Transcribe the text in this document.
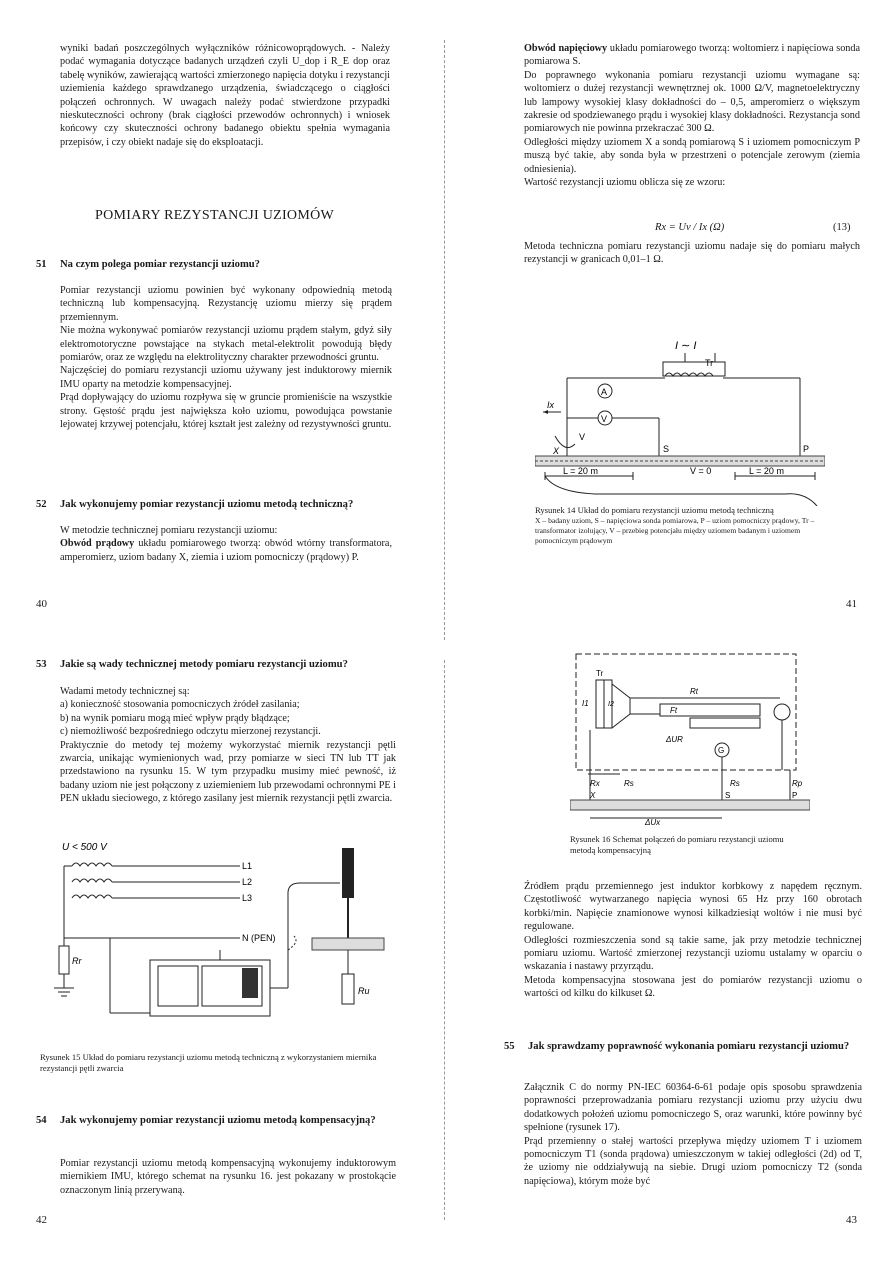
wyniki badań poszczególnych wyłączników różnicowoprądowych. - Należy podać wymagania dotyczące badanych urządzeń czyli U_dop i R_E dop oraz tabelę wyników, zawierającą wartości zmierzonego napięcia dotyku i rezystancji uziemienia każdego sprawdzanego urządzenia, świadczącego o ciągłości połączeń ochronnych. W uwagach należy podać stwierdzone przypadki nieskuteczności ochrony (brak ciągłości przewodów ochronnych) i wniosek końcowy czy skuteczności ochrony badanego obiektu spełnia wymagania przepisów, i czy obiekt nadaje się do eksploatacji.

POMIARY REZYSTANCJI UZIOMÓW
51 Na czym polega pomiar rezystancji uziomu?

Pomiar rezystancji uziomu powinien być wykonany odpowiednią metodą techniczną lub kompensacyjną. Rezystancję uziomu mierzy się prądem przemiennym.

Nie można wykonywać pomiarów rezystancji uziomu prądem stałym, gdyż siły elektromotoryczne powstające na stykach metal-elektrolit powodują błędy pomiarów, oraz ze względu na elektrolityczny charakter przewodności gruntu.

Najczęściej do pomiaru rezystancji uziomu używany jest induktorowy miernik IMU oparty na metodzie kompensacyjnej.

Prąd dopływający do uziomu rozpływa się w gruncie promieniście na wszystkie strony. Gęstość prądu jest największa koło uziomu, powodująca powstanie lejowatej krzywej potencjału, której kształt jest zależny od rezystywności gruntu.

52 Jak wykonujemy pomiar rezystancji uziomu metodą techniczną?

W metodzie technicznej pomiaru rezystancji uziomu:

Obwód prądowy układu pomiarowego tworzą: obwód wtórny transformatora, amperomierz, uziom badany X, ziemia i uziom pomocniczy (prądowy) P.

40

Obwód napięciowy układu pomiarowego tworzą: woltomierz i napięciowa sonda pomiarowa S.

Do poprawnego wykonania pomiaru rezystancji uziomu wymagane są: woltomierz o dużej rezystancji wewnętrznej ok. 1000 Ω/V, magnetoelektryczny lub lampowy wysokiej klasy dokładności do – 0,5, amperomierz o większym zakresie od spodziewanego prądu i wysokiej klasy dokładności. Rezystancja sond pomiarowych nie powinna przekraczać 300 Ω.

Odległości między uziomem X a sondą pomiarową S i uziomem pomocniczym P muszą być takie, aby sonda była w przestrzeni o potencjale zerowym (ziemia odniesienia).

Wartość rezystancji uziomu oblicza się ze wzoru:

Rx = Uv / Ix (Ω)	(13)

Metoda techniczna pomiaru rezystancji uziomu nadaje się do pomiaru małych rezystancji w granicach 0,01–1 Ω.

I ∼ I
Tr
A
V
Ix
V
X	S	P
L = 20 m	V = 0	L = 20 m
Rysunek 14 Układ do pomiaru rezystancji uziomu metodą techniczną
X – badany uziom, S – napięciowa sonda pomiarowa, P – uziom pomocniczy prądowy, Tr – transformator izolujący, V – przebieg potencjału między uziomem badanym i uziomem pomocniczym prądowym
41
53 Jakie są wady technicznej metody pomiaru rezystancji uziomu?

Wadami metody technicznej są:

a) konieczność stosowania pomocniczych źródeł zasilania;

b) na wynik pomiaru mogą mieć wpływ prądy błądzące;

c) niemożliwość bezpośredniego odczytu mierzonej rezystancji.

Praktycznie do metody tej możemy wykorzystać miernik rezystancji pętli zwarcia, unikając wymienionych wad, przy pomiarze w sieci TN lub TT jak przedstawiono na rysunku 15. W tym przypadku musimy mieć pewność, iż badany uziom nie jest połączony z uziemieniem lub przewodami ochronnymi PE i PEN układu sieciowego, z którego zasilany jest miernik rezystancji pętli zwarcia.

U < 500 V
L1
L2
L3
N (PEN)
Rr
Ru
Rysunek 15 Układ do pomiaru rezystancji uziomu metodą techniczną z wykorzystaniem miernika rezystancji pętli zwarcia
54 Jak wykonujemy pomiar rezystancji uziomu metodą kompensacyjną?

Pomiar rezystancji uziomu metodą kompensacyjną wykonujemy induktorowym miernikiem IMU, którego schemat na rysunku 16. jest pokazany w prostokącie oznaczonym linią przerywaną.

42
Tr
I1	I2
Rt
Ft
ΔUR
G
Rx	Rs	Rs	Rp
X	S	P
ΔUx
Rysunek 16 Schemat połączeń do pomiaru rezystancji uziomu metodą kompensacyjną

Źródłem prądu przemiennego jest induktor korbkowy z napędem ręcznym. Częstotliwość wytwarzanego napięcia wynosi 65 Hz przy 160 obrotach korbki/min. Napięcie znamionowe wynosi kilkadziesiąt woltów i nie musi być regulowane.

Odległości rozmieszczenia sond są takie same, jak przy metodzie technicznej pomiaru uziomu. Wartość zmierzonej rezystancji uziomu ustalamy w oparciu o wskazania i nastawy przyrządu.

Metoda kompensacyjna stosowana jest do pomiarów rezystancji uziomu o wartości od kilku do kilkuset Ω.

55 Jak sprawdzamy poprawność wykonania pomiaru rezystancji uziomu?

Załącznik C do normy PN-IEC 60364-6-61 podaje opis sposobu sprawdzenia poprawności przeprowadzania pomiaru rezystancji uziomu przy użyciu dwu dodatkowych położeń uziomu pomocniczego S, oraz warunki, które powinny być spełnione (rysunek 17).

Prąd przemienny o stałej wartości przepływa między uziomem T i uziomem pomocniczym T1 (sonda prądowa) umieszczonym w takiej odległości (2d) od T, że uziomy nie oddziaływują na siebie. Drugi uziom pomocniczy T2 (sonda napięciowa), którym może być

43
